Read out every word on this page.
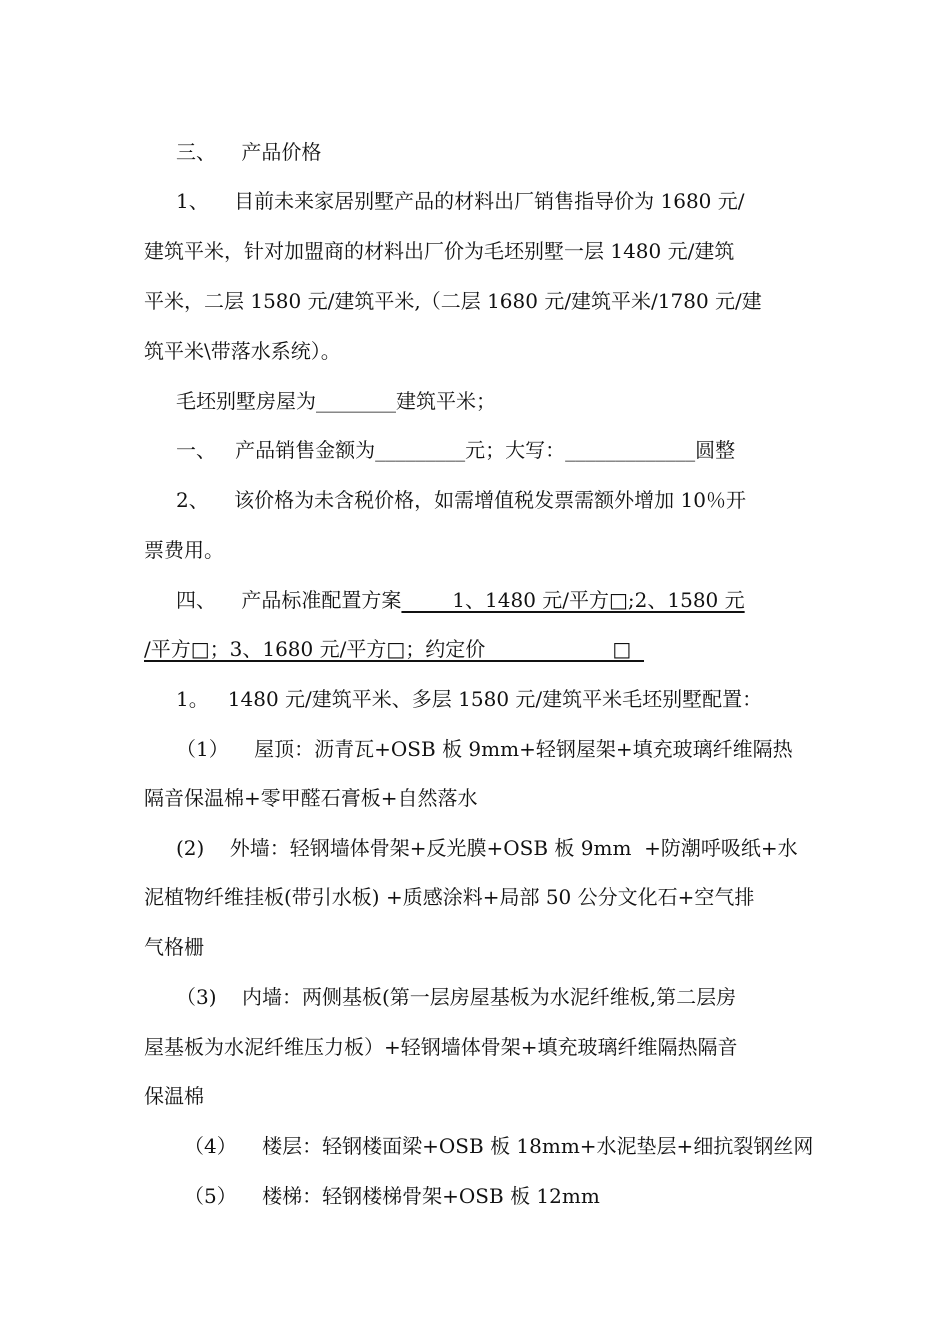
三、    产品价格
1、    目前未来家居别墅产品的材料出厂销售指导价为 1680 元/
建筑平米，针对加盟商的材料出厂价为毛坯别墅一层 1480 元/建筑
平米，二层 1580 元/建筑平米,（二层 1680 元/建筑平米/1780 元/建
筑平米\带落水系统）。
毛坯别墅房屋为________建筑平米；
一、   产品销售金额为_________元；大写：_____________圆整
2、    该价格为未含税价格，如需增值税发票需额外增加 10％开
票费用。
四、    产品标准配置方案        1、1480 元/平方□;2、1580 元
/平方□；3、1680 元/平方□；约定价                    □
1。   1480 元/建筑平米、多层 1580 元/建筑平米毛坯别墅配置：
（1）    屋顶：沥青瓦+OSB 板 9mm+轻钢屋架+填充玻璃纤维隔热
隔音保温棉+零甲醛石膏板+自然落水
(2)    外墙：轻钢墙体骨架+反光膜+OSB 板 9mm  +防潮呼吸纸+水
泥植物纤维挂板(带引水板) +质感涂料+局部 50 公分文化石+空气排
气格栅
（3)    内墙：两侧基板(第一层房屋基板为水泥纤维板,第二层房
屋基板为水泥纤维压力板）+轻钢墙体骨架+填充玻璃纤维隔热隔音
保温棉
（4）    楼层：轻钢楼面梁+OSB 板 18mm+水泥垫层+细抗裂钢丝网
（5）    楼梯：轻钢楼梯骨架+OSB 板 12mm
